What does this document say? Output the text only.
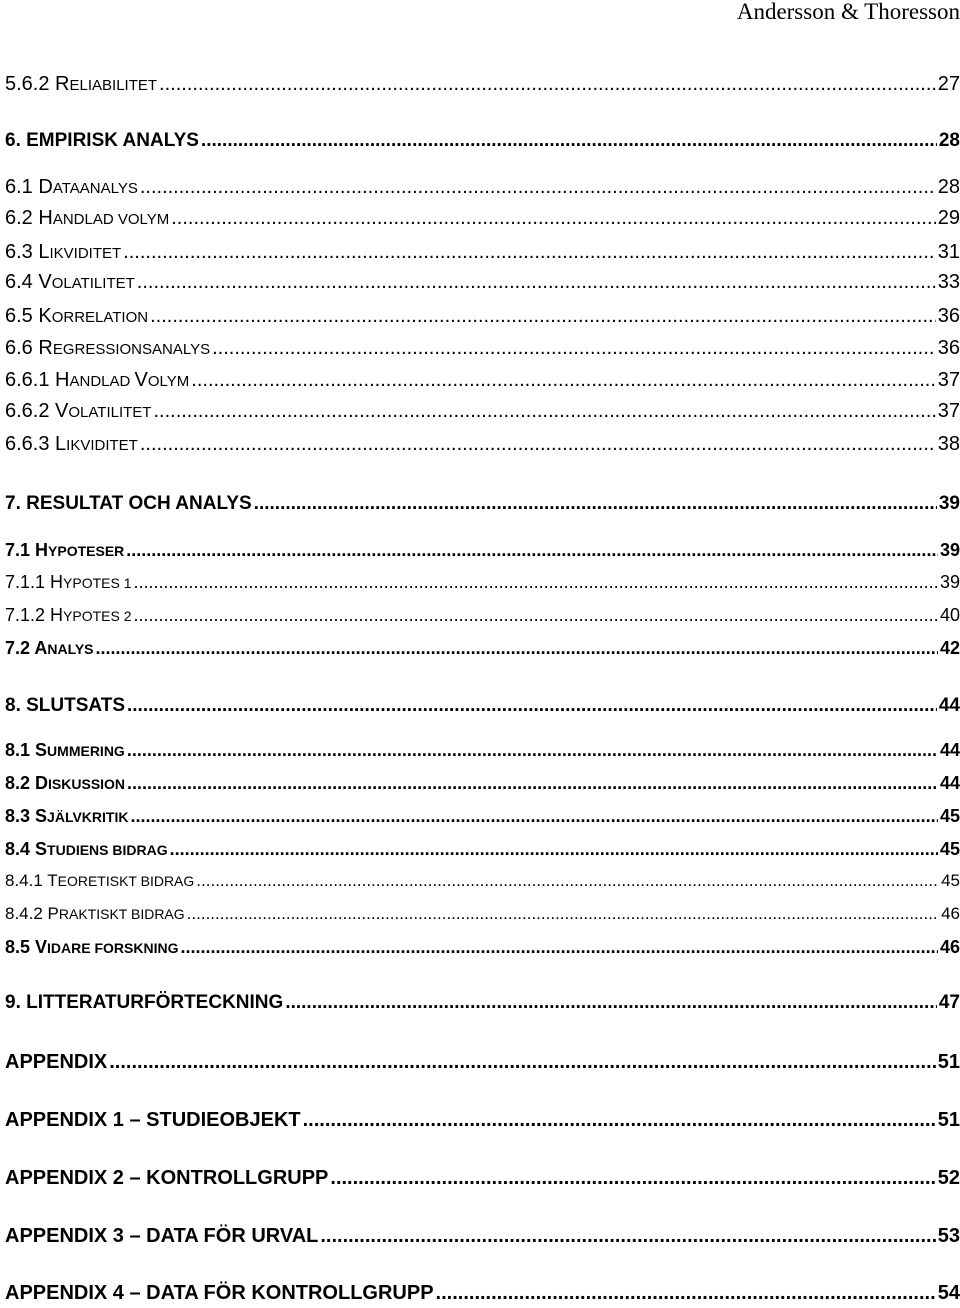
Andersson & Thoresson
5.6.2 RELIABILITET .....	27
6. EMPIRISK ANALYS .....	28
6.1 DATAANALYS .....	28
6.2 HANDLAD VOLYM .....	29
6.3 LIKVIDITET .....	31
6.4 VOLATILITET .....	33
6.5 KORRELATION .....	36
6.6 REGRESSIONSANALYS .....	36
6.6.1 HANDLAD VOLYM .....	37
6.6.2 VOLATILITET .....	37
6.6.3 LIKVIDITET .....	38
7. RESULTAT OCH ANALYS .....	39
7.1 HYPOTESER .....	39
7.1.1 HYPOTES 1 .....	39
7.1.2 HYPOTES 2 .....	40
7.2 ANALYS .....	42
8. SLUTSATS .....	44
8.1 SUMMERING .....	44
8.2 DISKUSSION .....	44
8.3 SJÄLVKRITIK .....	45
8.4 STUDIENS BIDRAG .....	45
8.4.1 TEORETISKT BIDRAG .....	45
8.4.2 PRAKTISKT BIDRAG .....	46
8.5 VIDARE FORSKNING .....	46
9. LITTERATURFÖRTECKNING .....	47
APPENDIX .....	51
APPENDIX 1 – STUDIEOBJEKT .....	51
APPENDIX 2 – KONTROLLGRUPP .....	52
APPENDIX 3 – DATA FÖR URVAL .....	53
APPENDIX 4 – DATA FÖR KONTROLLGRUPP .....	54
